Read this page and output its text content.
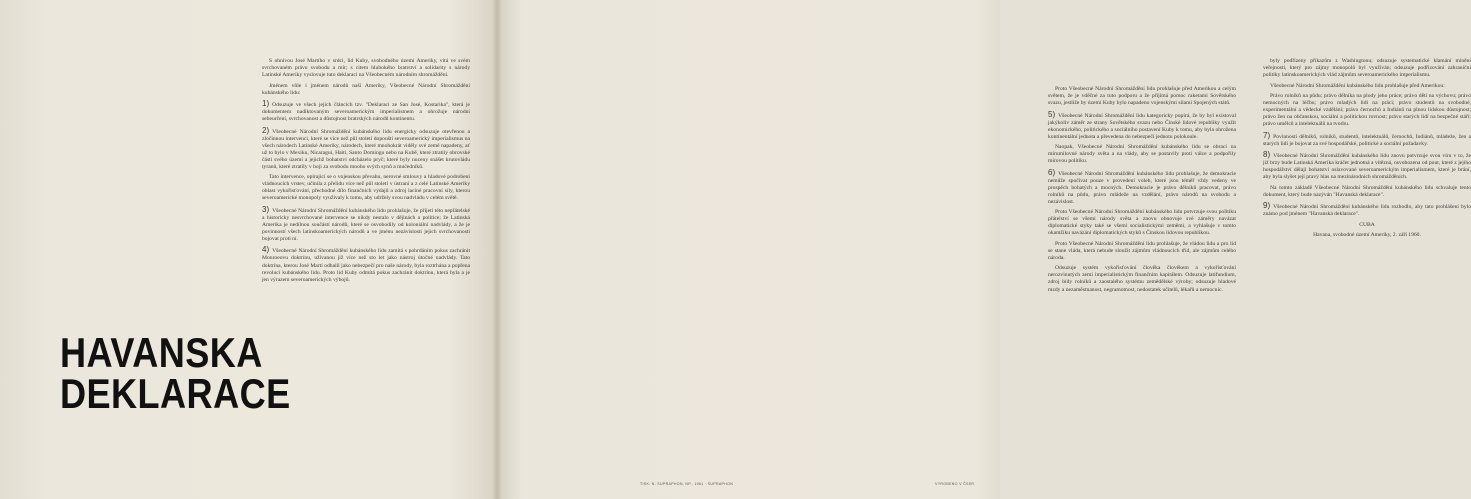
HAVANSKA
DEKLARACE

S ohnivou José Martího v srdci, lid Kuby, svobodného území Ameriky, vítá ve svém svrchovaném právu svobodu a mír; s citem hlubokého bratrství a solidarity s národy Latinské Ameriky vyslovuje tuto deklaraci na Všeobecném národním shromáždění.

Jménem vůle i jménem národů naší Ameriky, Všeobecné Národní Shromáždění kubánského lidu:

1) Odsuzuje ve všech jejích článcích tzv. "Deklaraci ze San José, Kostarika", která je dokumentem nadiktovaným severoamerickým imperialismem a ohrožuje národní sebeurčení, svrchovanost a důstojnost bratrských národů kontinentu.

2) Všeobecné Národní Shromáždění kubánského lidu energicky odsuzuje otevřenou a zločinnou intervenci, které se více než půl století dopouští severoamerický imperialismus na všech národech Latinské Ameriky, národech, které mnohokrát viděly své země napadeny, ať už to bylo v Mexiku, Nicaragui, Haiti, Santo Domingu nebo na Kubě, které ztratily obrovské části svého území a jejichž bohatství odcházelo pryč; které byly nuceny snášet krutovládu tyranů, které ztratily v boji za svobodu mnoho svých synů a mučedníků.

Tato intervence, opírající se o vojenskou převahu, nerovné smlouvy a hladové podrobení vládnoucích vrstev, učinila z přelidu více než půl století v ústraní a z celé Latinské Ameriky oblast vykořisťování, přechodné dílo finančních výdajů a zdroj laciné pracovní síly, kterou severoamerické monopoly využívaly k tomu, aby udržely svou nadvládu v celém světě.

3) Všeobecné Národní Shromáždění kubánského lidu prohlašuje, že přijetí této nepřátelské a historicky nesvrchované intervence se nikdy nestalo v dějinách a politice; že Latinská Amerika je nedílnou součástí národů, které se osvobodily od koloniální nadvlády, a že je povinností všech latinskoamerických národů a ve jménu nezávislosti jejich svrchovanosti bojovat proti ní.

4) Všeobecné Národní Shromáždění kubánského lidu zamítá s pohrdáním pokus zachránit Monroeovu doktrínu, užívanou již více než sto let jako nástroj útočné nadvlády. Tato doktrína, kterou José Martí odhalil jako nebezpečí pro naše národy, byla roztrhána a popřena revolucí kubánského lidu. Proto lid Kuby odmítá pokus zachránit doktrínu, která byla a je jen výrazem severoamerických výbojů.

Proto Všeobecné Národní Shromáždění lidu prohlašuje před Amerikou a celým světem, že je vděčné za tuto podporu a že přijímá pomoc raketami Sovětského svazu, jestliže by území Kuby bylo napadeno vojenskými silami Spojených států.

5) Všeobecné Národní Shromáždění lidu kategoricky popírá, že by byl existoval jakýkoliv záměr ze strany Sovětského svazu nebo Čínské lidové republiky využít ekonomického, politického a sociálního postavení Kuby k tomu, aby byla ohrožena kontinentální jednota a převedena do nebezpečí jednotu polokoule.

Naopak, Všeobecné Národní Shromáždění kubánského lidu se obrací na mírumilovné národy světa a na vlády, aby se postavily proti válce a podpořily mírovou politiku.

6) Všeobecné Národní Shromáždění kubánského lidu prohlašuje, že demokracie nemůže spočívat pouze v provedení voleb, které jsou téměř vždy vedeny ve prospěch bohatých a mocných. Demokracie je právo dělníků pracovat, právo rolníků na půdu, právo mládeže na vzdělání, právo národů na svobodu a nezávislost.

Proto Všeobecné Národní Shromáždění kubánského lidu potvrzuje svou politiku přátelství se všemi národy světa a znovu obnovuje své záměry navázat diplomatické styky také se všemi socialistickými zeměmi, a vyhlašuje v tomto okamžiku navázání diplomatických styků s Čínskou lidovou republikou.

Proto Všeobecné Národní Shromáždění lidu prohlašuje, že vládou lidu a pro lid se stane vláda, která nebude sloužit zájmům vládnoucích tříd, ale zájmům celého národa.

Odsuzuje systém vykořisťování člověka člověkem a vykořisťování nerozvinutých zemí imperialistickým finančním kapitálem. Odsuzuje latifundium, zdroj bídy rolníků a zaostalého systému zemědělské výroby; odsuzuje hladové mzdy a nezaměstnanost, negramotnost, nedostatek učitelů, lékařů a nemocnic.

byly podřízeny příkazům z Washingtonu; odsuzuje systematické klamání mínění veřejnosti, který pro zájmy monopolů byl využíván; odsuzuje podřizování zahraniční politiky latinskoamerických vlád zájmům severoamerického imperialismu.

Všeobecné Národní Shromáždění kubánského lidu prohlašuje před Amerikou:

Právo rolníků na půdu; právo dělníka na plody jeho práce; právo dětí na výchovu; právo nemocných na léčbu; právo mladých lidí na práci; právo studentů na svobodné, experimentální a vědecké vzdělání; právo černochů a Indiánů na plnou lidskou důstojnost; právo žen na občanskou, sociální a politickou rovnost; právo starých lidí na bezpečné stáří; právo umělců a intelektuálů na tvorbu.

7) Povinností dělníků, rolníků, studentů, intelektuálů, černochů, Indiánů, mládeže, žen a starých lidí je bojovat za své hospodářské, politické a sociální požadavky.

8) Všeobecné Národní Shromáždění kubánského lidu znovu potvrzuje svou víru v to, že již brzy bude Latinská Amerika kráčet jednotná a vítězná, osvobozena od pout, které z jejího hospodářství dělají bohatství oslavované severoamerickým imperialismem, které je brání, aby byla slyšet její pravý hlas na mezinárodních shromážděních.

Na tomto základě Všeobecné Národní Shromáždění kubánského lidu schvaluje tento dokument, který bude nazýván "Havanská deklarace".

9) Všeobecné Národní Shromáždění kubánského lidu rozhodlo, aby tato prohlášení bylo známo pod jménem "Havanská deklarace".

CUBA

Havana, svobodné území Ameriky, 2. září 1960.

TISK: N. SUPRAPHON, NP., 1961 · SUPRAPHON	VYROBENO V ČSSR
